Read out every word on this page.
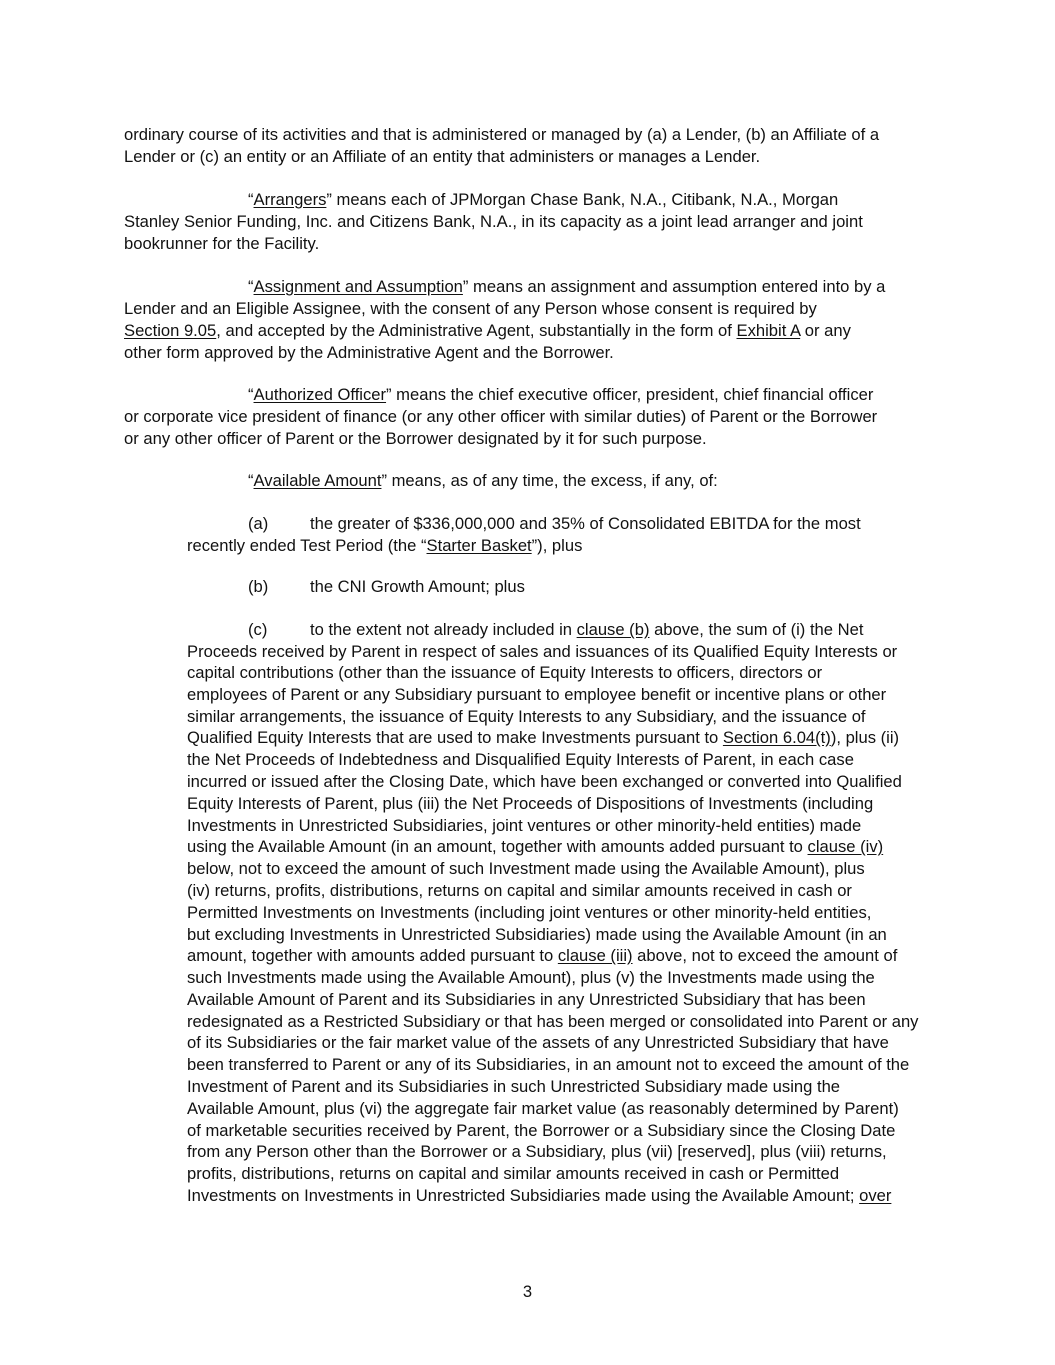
ordinary course of its activities and that is administered or managed by (a) a Lender, (b) an Affiliate of a

Lender or (c) an entity or an Affiliate of an entity that administers or manages a Lender.

“Arrangers” means each of JPMorgan Chase Bank, N.A., Citibank, N.A., Morgan

Stanley Senior Funding, Inc. and Citizens Bank, N.A., in its capacity as a joint lead arranger and joint

bookrunner for the Facility.

“Assignment and Assumption” means an assignment and assumption entered into by a

Lender and an Eligible Assignee, with the consent of any Person whose consent is required by

Section 9.05, and accepted by the Administrative Agent, substantially in the form of Exhibit A or any

other form approved by the Administrative Agent and the Borrower.

“Authorized Officer” means the chief executive officer, president, chief financial officer

or corporate vice president of finance (or any other officer with similar duties) of Parent or the Borrower

or any other officer of Parent or the Borrower designated by it for such purpose.

“Available Amount” means, as of any time, the excess, if any, of:

(a)	the greater of $336,000,000 and 35% of Consolidated EBITDA for the most

recently ended Test Period (the “Starter Basket”), plus

(b)	the CNI Growth Amount; plus

(c)	to the extent not already included in clause (b) above, the sum of (i) the Net

Proceeds received by Parent in respect of sales and issuances of its Qualified Equity Interests or

capital contributions (other than the issuance of Equity Interests to officers, directors or

employees of Parent or any Subsidiary pursuant to employee benefit or incentive plans or other

similar arrangements, the issuance of Equity Interests to any Subsidiary, and the issuance of

Qualified Equity Interests that are used to make Investments pursuant to Section 6.04(t)), plus (ii)

the Net Proceeds of Indebtedness and Disqualified Equity Interests of Parent, in each case

incurred or issued after the Closing Date, which have been exchanged or converted into Qualified

Equity Interests of Parent, plus (iii) the Net Proceeds of Dispositions of Investments (including

Investments in Unrestricted Subsidiaries, joint ventures or other minority-held entities) made

using the Available Amount (in an amount, together with amounts added pursuant to clause (iv)

below, not to exceed the amount of such Investment made using the Available Amount), plus

(iv) returns, profits, distributions, returns on capital and similar amounts received in cash or

Permitted Investments on Investments (including joint ventures or other minority-held entities,

but excluding Investments in Unrestricted Subsidiaries) made using the Available Amount (in an

amount, together with amounts added pursuant to clause (iii) above, not to exceed the amount of

such Investments made using the Available Amount), plus (v) the Investments made using the

Available Amount of Parent and its Subsidiaries in any Unrestricted Subsidiary that has been

redesignated as a Restricted Subsidiary or that has been merged or consolidated into Parent or any

of its Subsidiaries or the fair market value of the assets of any Unrestricted Subsidiary that have

been transferred to Parent or any of its Subsidiaries, in an amount not to exceed the amount of the

Investment of Parent and its Subsidiaries in such Unrestricted Subsidiary made using the

Available Amount, plus (vi) the aggregate fair market value (as reasonably determined by Parent)

of marketable securities received by Parent, the Borrower or a Subsidiary since the Closing Date

from any Person other than the Borrower or a Subsidiary, plus (vii) [reserved], plus (viii) returns,

profits, distributions, returns on capital and similar amounts received in cash or Permitted

Investments on Investments in Unrestricted Subsidiaries made using the Available Amount; over

3
